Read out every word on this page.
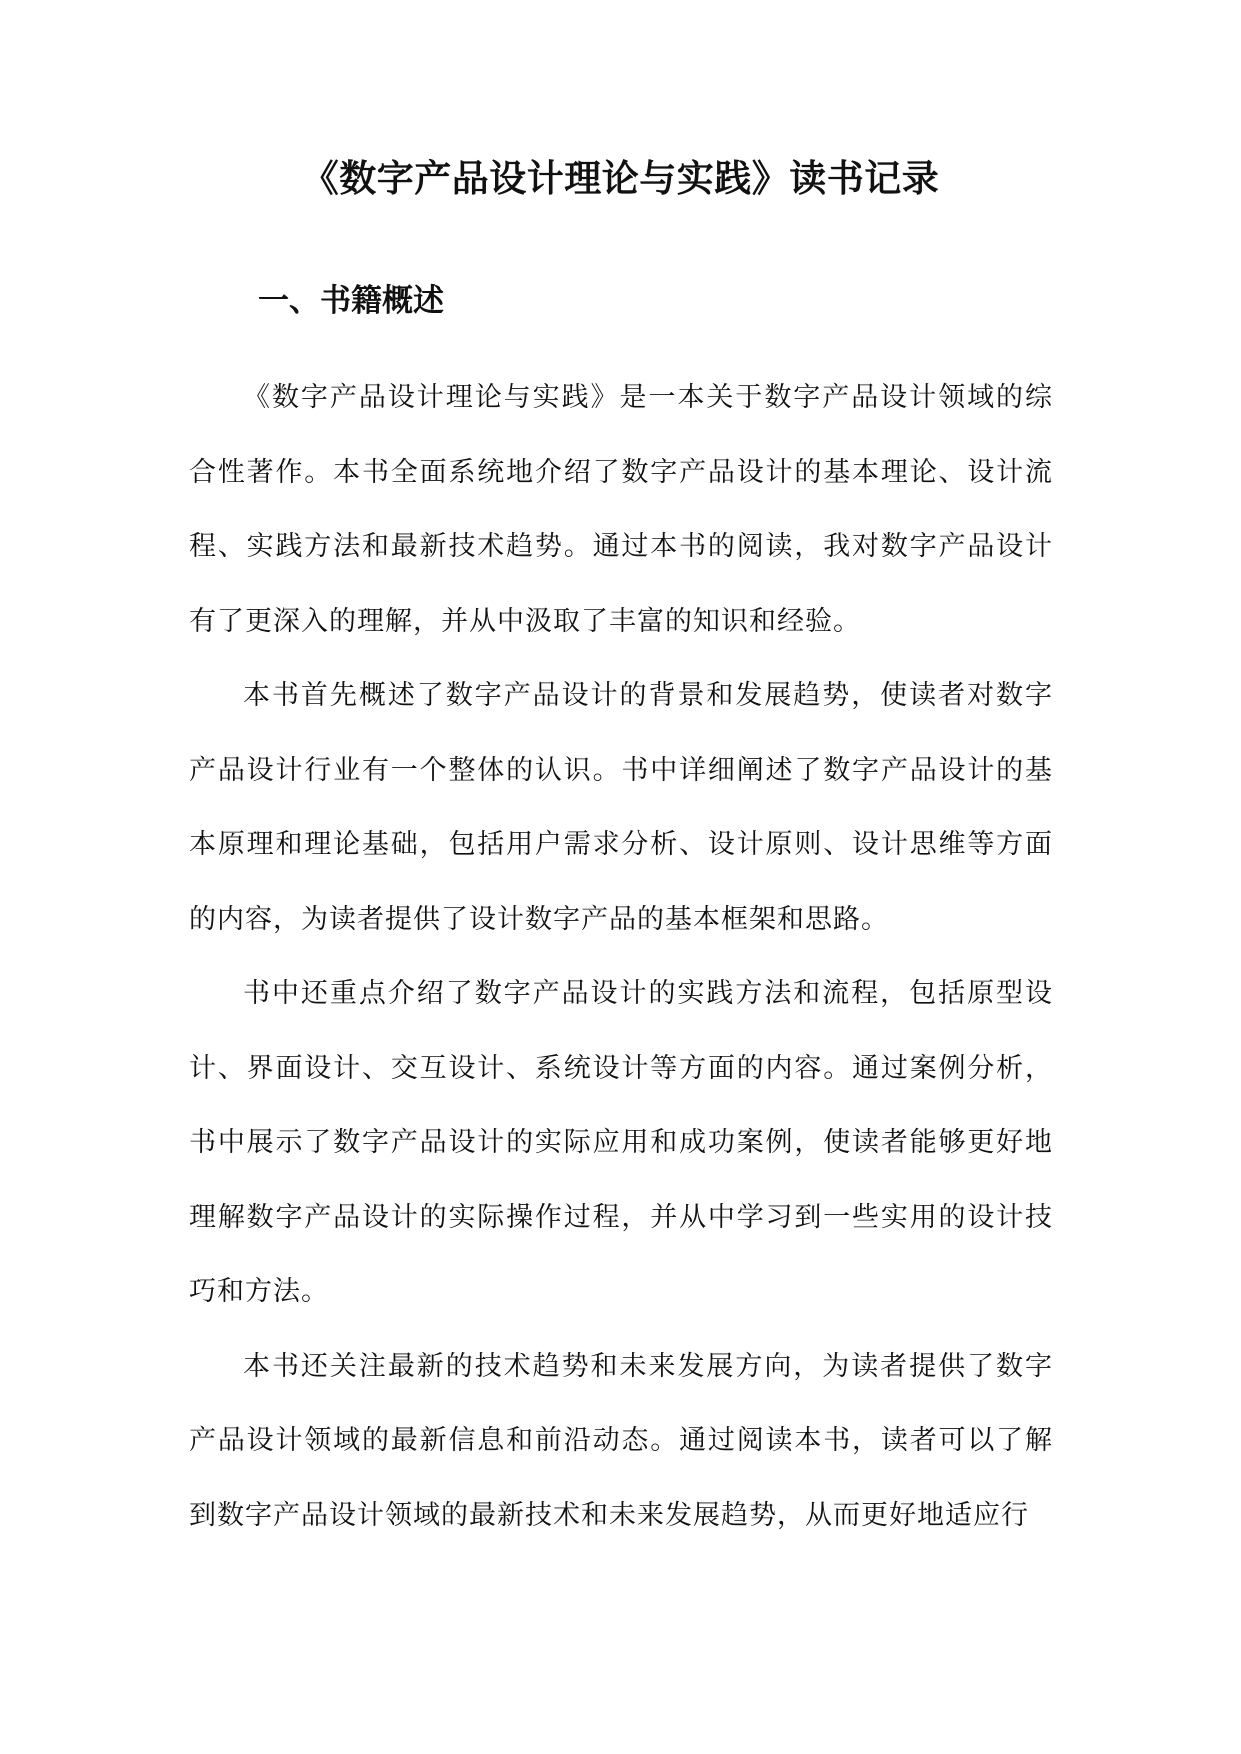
《数字产品设计理论与实践》读书记录
一、书籍概述

《数字产品设计理论与实践》是一本关于数字产品设计领域的综合性著作。本书全面系统地介绍了数字产品设计的基本理论、设计流程、实践方法和最新技术趋势。通过本书的阅读，我对数字产品设计有了更深入的理解，并从中汲取了丰富的知识和经验。

本书首先概述了数字产品设计的背景和发展趋势，使读者对数字产品设计行业有一个整体的认识。书中详细阐述了数字产品设计的基本原理和理论基础，包括用户需求分析、设计原则、设计思维等方面的内容，为读者提供了设计数字产品的基本框架和思路。

书中还重点介绍了数字产品设计的实践方法和流程，包括原型设计、界面设计、交互设计、系统设计等方面的内容。通过案例分析，书中展示了数字产品设计的实际应用和成功案例，使读者能够更好地理解数字产品设计的实际操作过程，并从中学习到一些实用的设计技巧和方法。

本书还关注最新的技术趋势和未来发展方向，为读者提供了数字产品设计领域的最新信息和前沿动态。通过阅读本书，读者可以了解到数字产品设计领域的最新技术和未来发展趋势，从而更好地适应行
